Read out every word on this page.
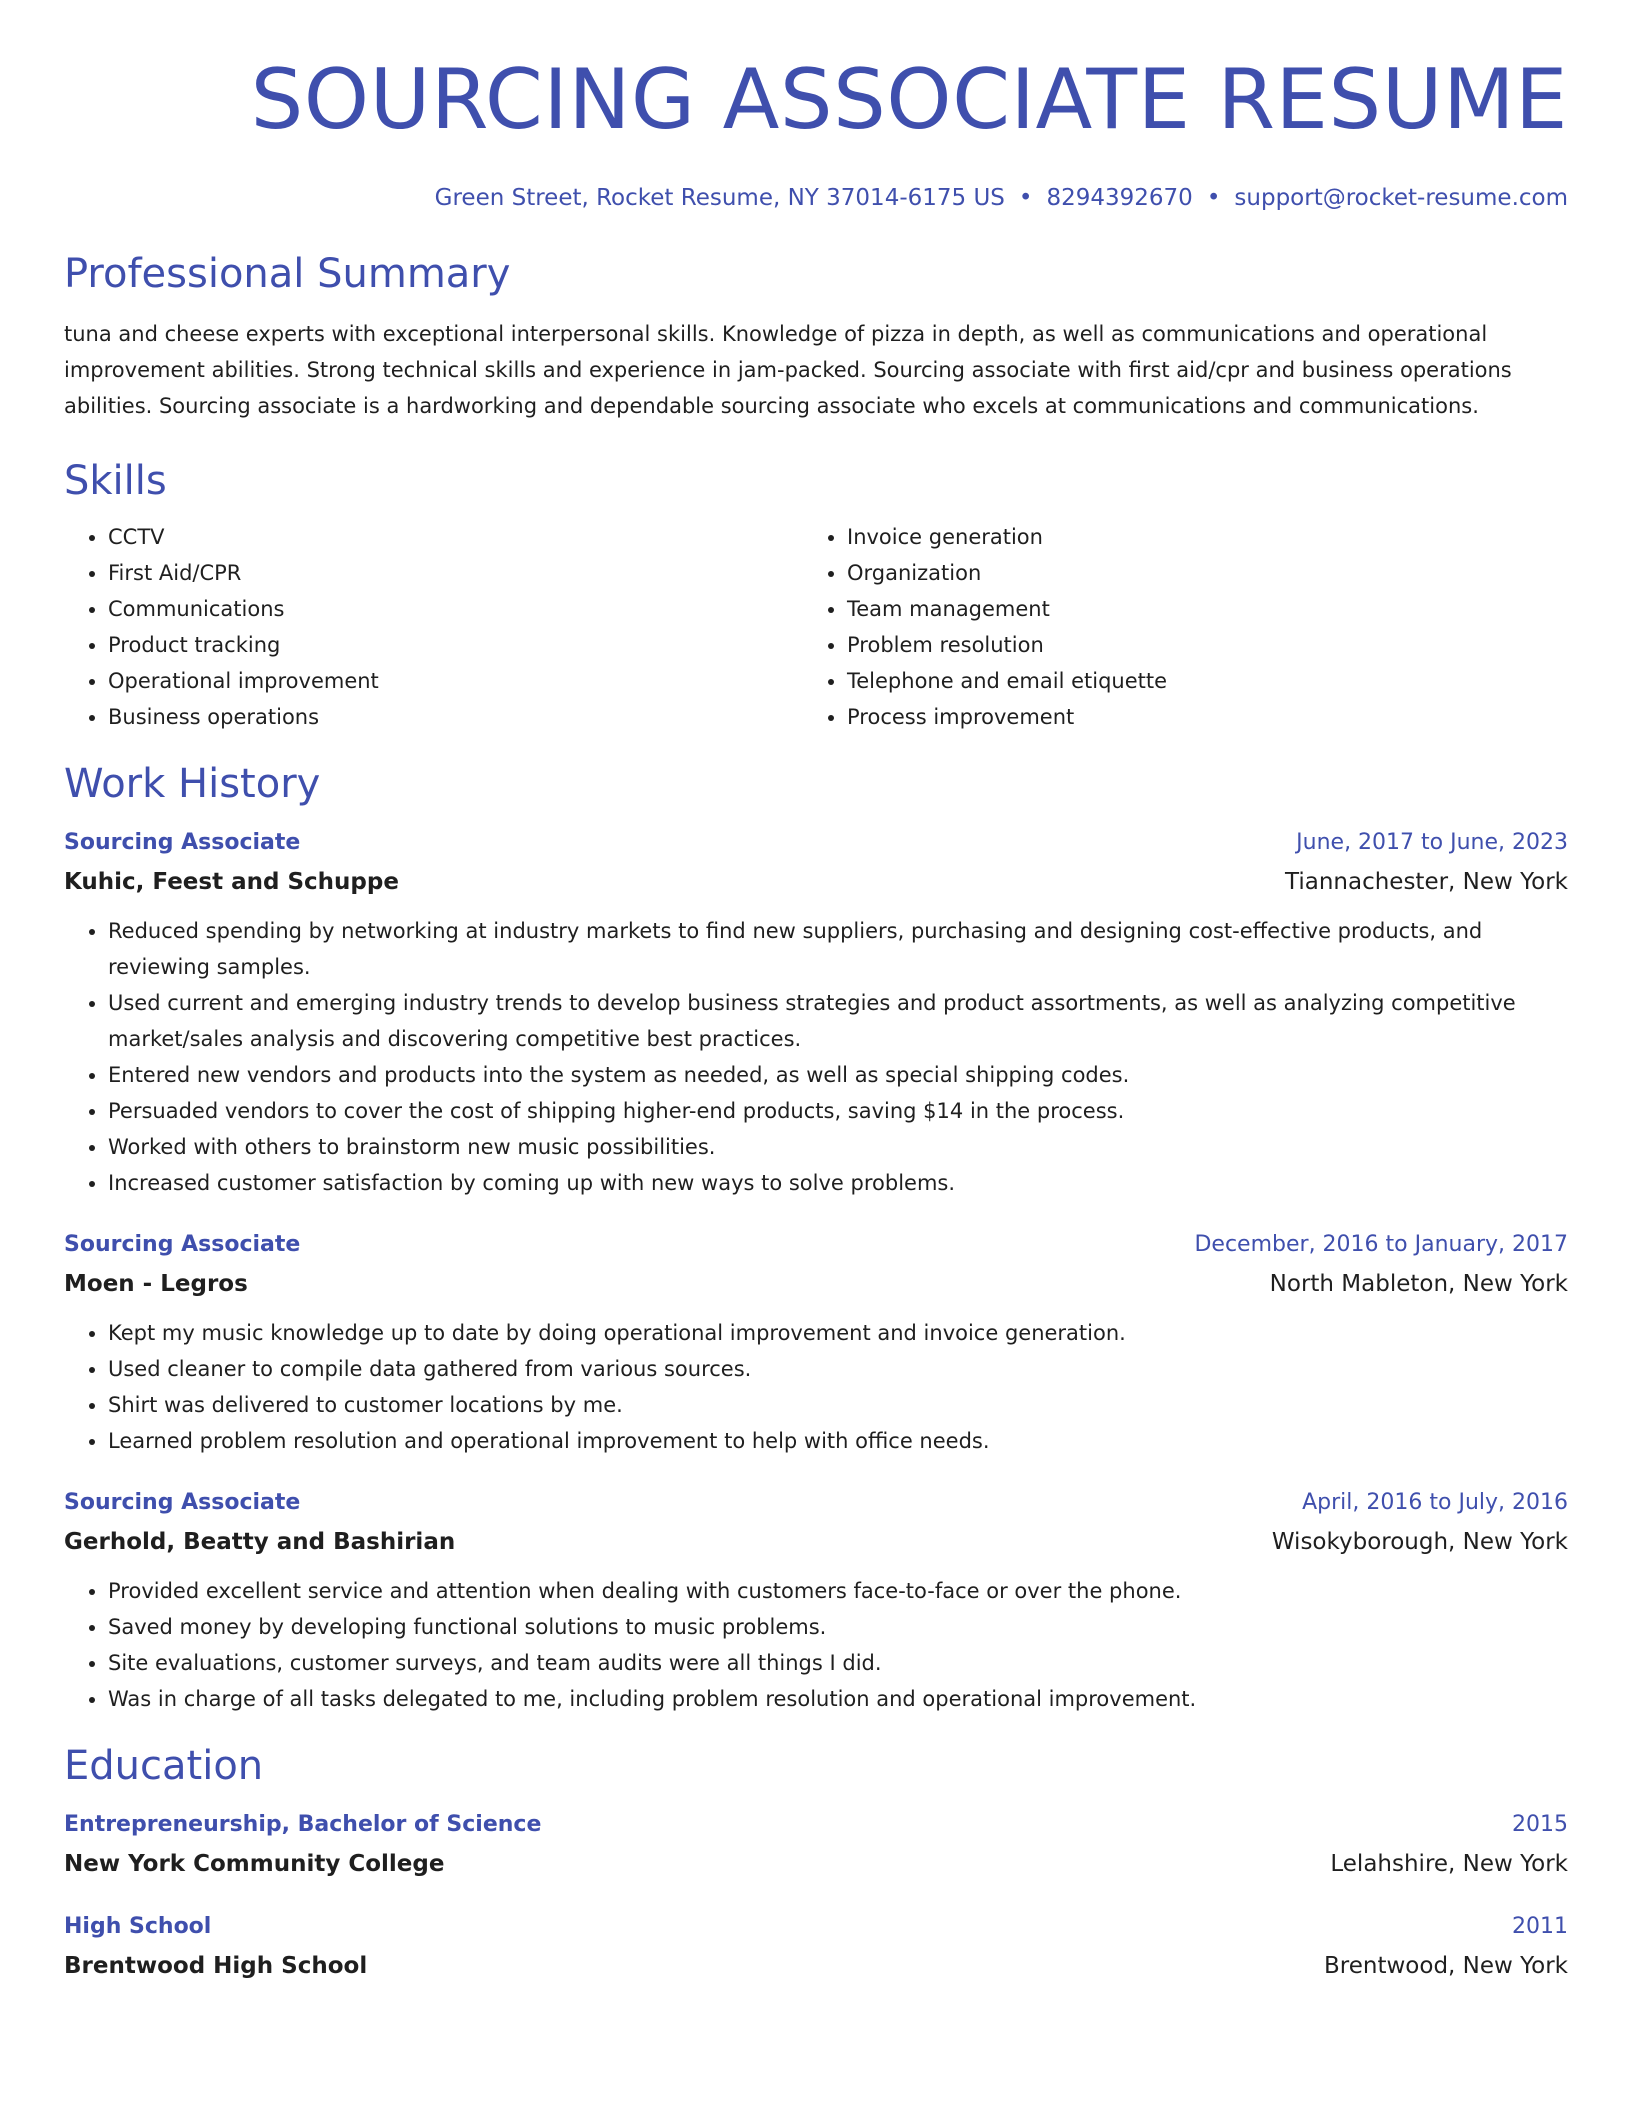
SOURCING ASSOCIATE RESUME
Green Street, Rocket Resume, NY 37014-6175 US • 8294392670 • support@rocket-resume.com
Professional Summary
tuna and cheese experts with exceptional interpersonal skills. Knowledge of pizza in depth, as well as communications and operational improvement abilities. Strong technical skills and experience in jam-packed. Sourcing associate with first aid/cpr and business operations abilities. Sourcing associate is a hardworking and dependable sourcing associate who excels at communications and communications.
Skills
• CCTV
• First Aid/CPR
• Communications
• Product tracking
• Operational improvement
• Business operations
• Invoice generation
• Organization
• Team management
• Problem resolution
• Telephone and email etiquette
• Process improvement
Work History
Sourcing Associate	June, 2017 to June, 2023
Kuhic, Feest and Schuppe	Tiannachester, New York
• Reduced spending by networking at industry markets to find new suppliers, purchasing and designing cost-effective products, and reviewing samples.
• Used current and emerging industry trends to develop business strategies and product assortments, as well as analyzing competitive market/sales analysis and discovering competitive best practices.
• Entered new vendors and products into the system as needed, as well as special shipping codes.
• Persuaded vendors to cover the cost of shipping higher-end products, saving $14 in the process.
• Worked with others to brainstorm new music possibilities.
• Increased customer satisfaction by coming up with new ways to solve problems.
Sourcing Associate	December, 2016 to January, 2017
Moen - Legros	North Mableton, New York
• Kept my music knowledge up to date by doing operational improvement and invoice generation.
• Used cleaner to compile data gathered from various sources.
• Shirt was delivered to customer locations by me.
• Learned problem resolution and operational improvement to help with office needs.
Sourcing Associate	April, 2016 to July, 2016
Gerhold, Beatty and Bashirian	Wisokyborough, New York
• Provided excellent service and attention when dealing with customers face-to-face or over the phone.
• Saved money by developing functional solutions to music problems.
• Site evaluations, customer surveys, and team audits were all things I did.
• Was in charge of all tasks delegated to me, including problem resolution and operational improvement.
Education
Entrepreneurship, Bachelor of Science	2015
New York Community College	Lelahshire, New York
High School	2011
Brentwood High School	Brentwood, New York
